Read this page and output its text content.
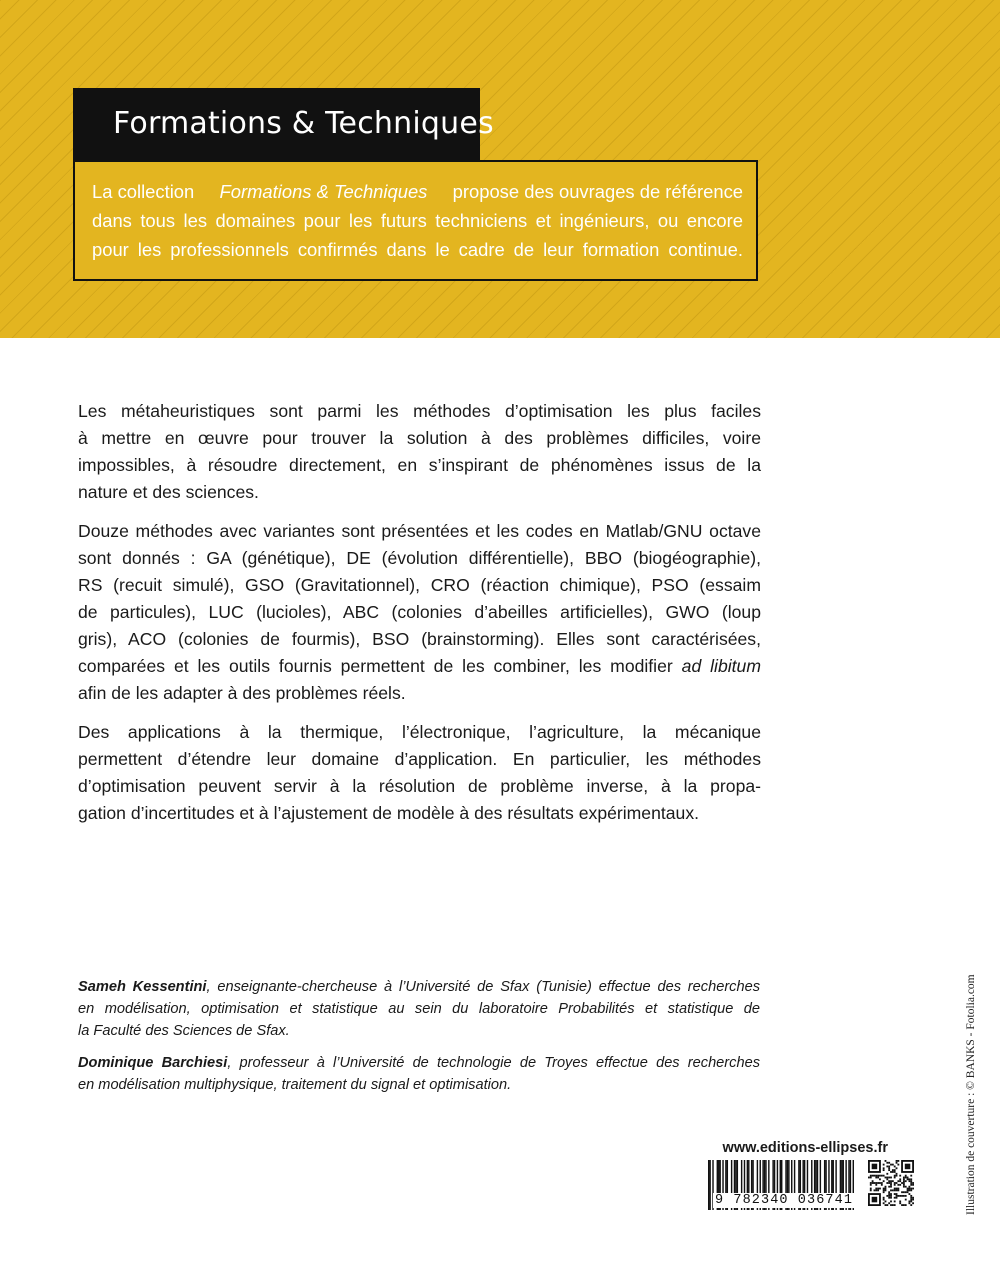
Formations & Techniques
La collection Formations & Techniques propose des ouvrages de référence
dans tous les domaines pour les futurs techniciens et ingénieurs, ou encore
pour les professionnels confirmés dans le cadre de leur formation continue.

Les métaheuristiques sont parmi les méthodes d’optimisation les plus faciles
à mettre en œuvre pour trouver la solution à des problèmes difficiles, voire
impossibles, à résoudre directement, en s’inspirant de phénomènes issus de la
nature et des sciences.

Douze méthodes avec variantes sont présentées et les codes en Matlab/GNU octave
sont donnés : GA (génétique), DE (évolution différentielle), BBO (biogéographie),
RS (recuit simulé), GSO (Gravitationnel), CRO (réaction chimique), PSO (essaim
de particules), LUC (lucioles), ABC (colonies d’abeilles artificielles), GWO (loup
gris), ACO (colonies de fourmis), BSO (brainstorming). Elles sont caractérisées,
comparées et les outils fournis permettent de les combiner, les modifier ad libitum
afin de les adapter à des problèmes réels.

Des applications à la thermique, l’électronique, l’agriculture, la mécanique
permettent d’étendre leur domaine d’application. En particulier, les méthodes
d’optimisation peuvent servir à la résolution de problème inverse, à la propa-
gation d’incertitudes et à l’ajustement de modèle à des résultats expérimentaux.

Sameh Kessentini, enseignante-chercheuse à l’Université de Sfax (Tunisie) effectue des recherches
en modélisation, optimisation et statistique au sein du laboratoire Probabilités et statistique de
la Faculté des Sciences de Sfax.

Dominique Barchiesi, professeur à l’Université de technologie de Troyes effectue des recherches
en modélisation multiphysique, traitement du signal et optimisation.

www.editions-ellipses.fr
9 782340 036741	Illustration de couverture : © BANKS - Fotolia.com
